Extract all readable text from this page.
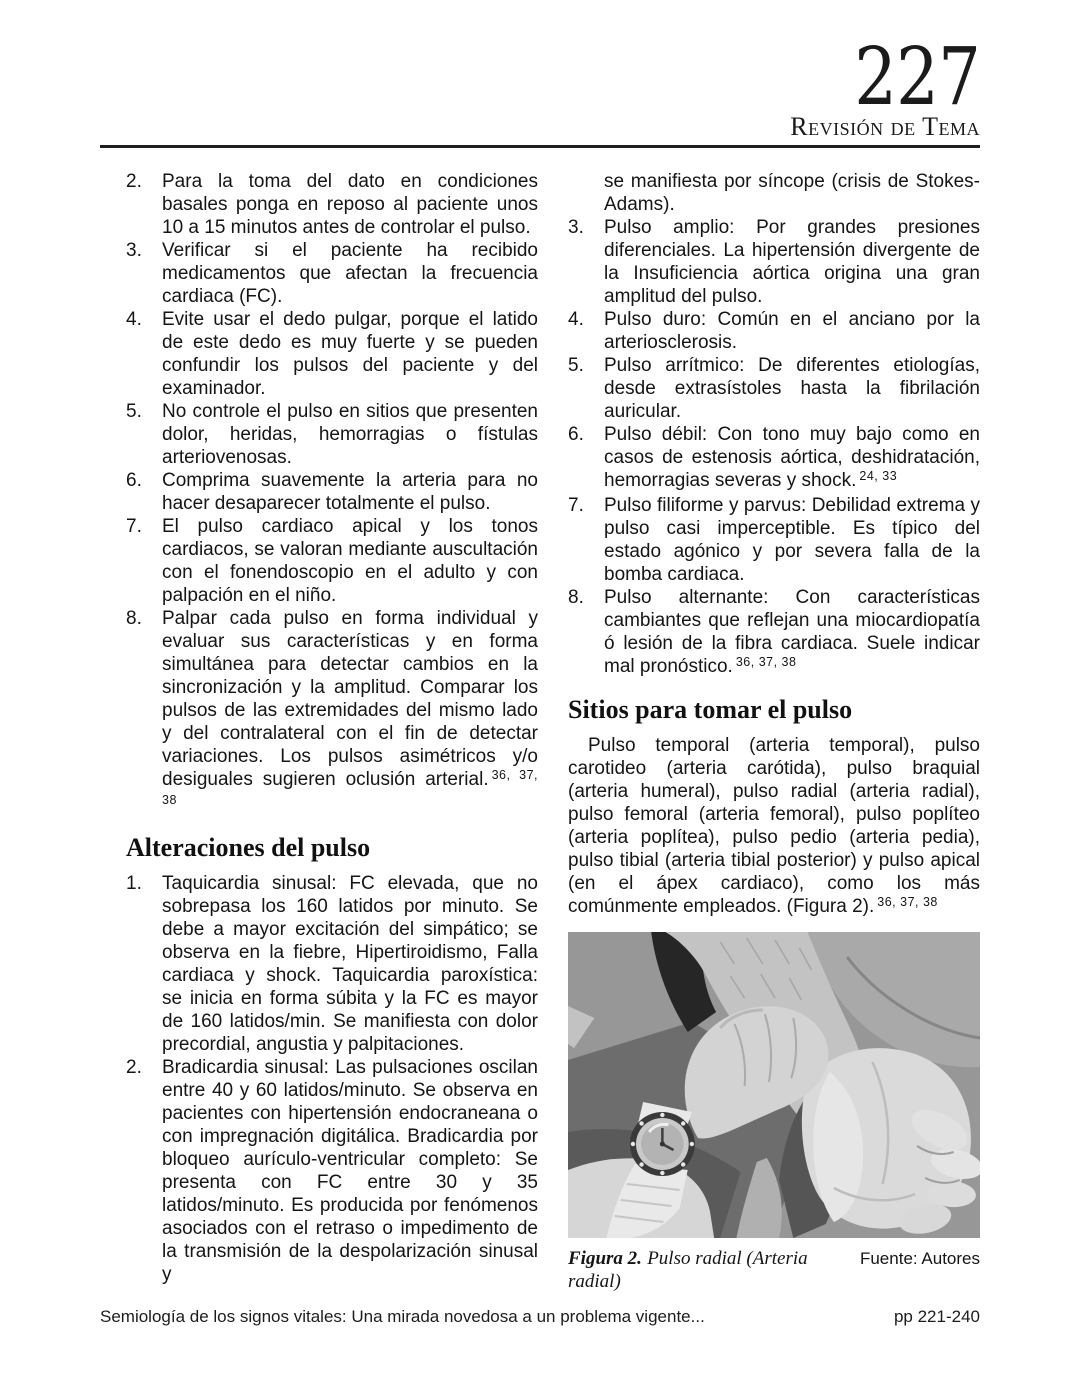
227
Revisión de Tema
2.	Para la toma del dato en condiciones basales ponga en reposo al paciente unos 10 a 15 minutos antes de controlar el pulso.
3.	Verificar si el paciente ha recibido medicamentos que afectan la frecuencia cardiaca (FC).
4.	Evite usar el dedo pulgar, porque el latido de este dedo es muy fuerte y se pueden confundir los pulsos del paciente y del examinador.
5.	No controle el pulso en sitios que presenten dolor, heridas, hemorragias o fístulas arteriovenosas.
6.	Comprima suavemente la arteria para no hacer desaparecer totalmente el pulso.
7.	El pulso cardiaco apical y los tonos cardiacos, se valoran mediante auscultación con el fonendoscopio en el adulto y con palpación en el niño.
8.	Palpar cada pulso en forma individual y evaluar sus características y en forma simultánea para detectar cambios en la sincronización y la amplitud. Comparar los pulsos de las extremidades del mismo lado y del contralateral con el fin de detectar variaciones. Los pulsos asimétricos y/o desiguales sugieren oclusión arterial. $^{36, 37, 38}$
Alteraciones del pulso
1.	Taquicardia sinusal: FC elevada, que no sobrepasa los 160 latidos por minuto. Se debe a mayor excitación del simpático; se observa en la fiebre, Hipertiroidismo, Falla cardiaca y shock. Taquicardia paroxística: se inicia en forma súbita y la FC es mayor de 160 latidos/min. Se manifiesta con dolor precordial, angustia y palpitaciones.
2.	Bradicardia sinusal: Las pulsaciones oscilan entre 40 y 60 latidos/minuto. Se observa en pacientes con hipertensión endocraneana o con impregnación digitálica. Bradicardia por bloqueo aurículo-ventricular completo: Se presenta con FC entre 30 y 35 latidos/minuto. Es producida por fenómenos asociados con el retraso o impedimento de la transmisión de la despolarización sinusal y

se manifiesta por síncope (crisis de Stokes-Adams).

3.	Pulso amplio: Por grandes presiones diferenciales. La hipertensión divergente de la Insuficiencia aórtica origina una gran amplitud del pulso.
4.	Pulso duro: Común en el anciano por la arteriosclerosis.
5.	Pulso arrítmico: De diferentes etiologías, desde extrasístoles hasta la fibrilación auricular.
6.	Pulso débil: Con tono muy bajo como en casos de estenosis aórtica, deshidratación, hemorragias severas y shock. $^{24, 33}$
7.	Pulso filiforme y parvus: Debilidad extrema y pulso casi imperceptible. Es típico del estado agónico y por severa falla de la bomba cardiaca.
8.	Pulso alternante: Con características cambiantes que reflejan una miocardiopatía ó lesión de la fibra cardiaca. Suele indicar mal pronóstico. $^{36, 37, 38}$
Sitios para tomar el pulso

Pulso temporal (arteria temporal), pulso carotideo (arteria carótida), pulso braquial (arteria humeral), pulso radial (arteria radial), pulso femoral (arteria femoral), pulso poplíteo (arteria poplítea), pulso pedio (arteria pedia), pulso tibial (arteria tibial posterior) y pulso apical (en el ápex cardiaco), como los más comúnmente empleados. (Figura 2). $^{36, 37, 38}$

Figura 2. Pulso radial (Arteria radial)
Fuente: Autores
Semiología de los signos vitales: Una mirada novedosa a un problema vigente...	pp 221-240
